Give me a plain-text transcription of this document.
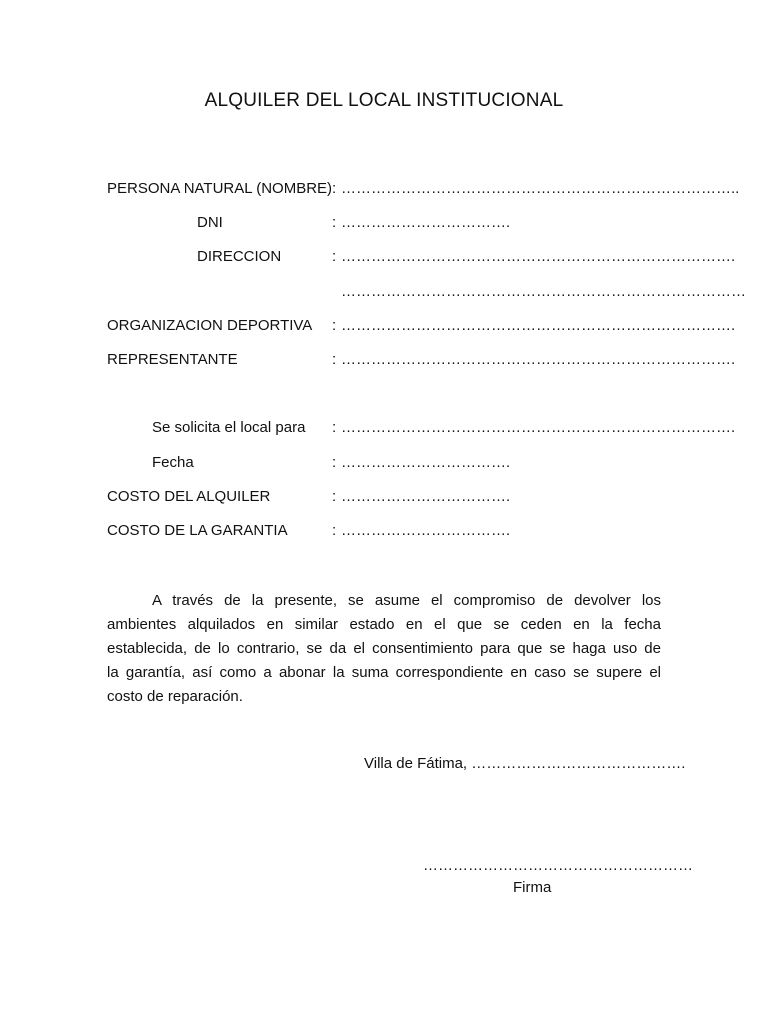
ALQUILER DEL LOCAL INSTITUCIONAL
PERSONA NATURAL (NOMBRE) : ……………………………………………………………………..
DNI	: …………………………….
DIRECCION	: …………………………………………………………………….
………………………………………………………………………
ORGANIZACION DEPORTIVA : …………………………………………………………………….
REPRESENTANTE	: …………………………………………………………………….
Se solicita el local para : …………………………………………………………………….
Fecha	: …………………………….
COSTO DEL ALQUILER	: …………………………….
COSTO DE LA GARANTIA	: …………………………….
A través de la presente, se asume el compromiso de devolver los
ambientes alquilados en similar estado en el que se ceden en la fecha
establecida, de lo contrario, se da el consentimiento para que se haga uso de
la garantía, así como a abonar la suma correspondiente en caso se supere el
costo de reparación.
Villa de Fátima, …………………………………….
………………………………………………
Firma
